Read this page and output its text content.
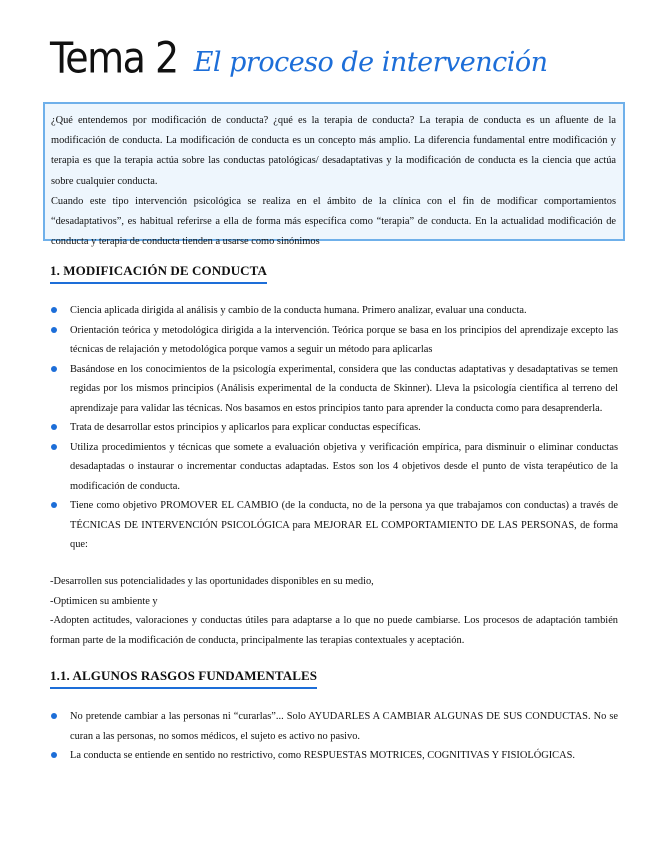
Tema 2 El proceso de intervención

¿Qué entendemos por modificación de conducta? ¿qué es la terapia de conducta? La terapia de conducta es un afluente de la modificación de conducta. La modificación de conducta es un concepto más amplio. La diferencia fundamental entre modificación y terapia es que la terapia actúa sobre las conductas patológicas/ desadaptativas y la modificación de conducta es la ciencia que actúa sobre cualquier conducta.

Cuando este tipo intervención psicológica se realiza en el ámbito de la clínica con el fin de modificar comportamientos “desadaptativos”, es habitual referirse a ella de forma más específica como “terapia” de conducta. En la actualidad modificación de conducta y terapia de conducta tienden a usarse como sinónimos

1. MODIFICACIÓN DE CONDUCTA
Ciencia aplicada dirigida al análisis y cambio de la conducta humana. Primero analizar, evaluar una conducta.
Orientación teórica y metodológica dirigida a la intervención. Teórica porque se basa en los principios del aprendizaje excepto las técnicas de relajación y metodológica porque vamos a seguir un método para aplicarlas
Basándose en los conocimientos de la psicología experimental, considera que las conductas adaptativas y desadaptativas se temen regidas por los mismos principios (Análisis experimental de la conducta de Skinner). Lleva la psicología científica al terreno del aprendizaje para validar las técnicas. Nos basamos en estos principios tanto para aprender la conducta como para desaprenderla.
Trata de desarrollar estos principios y aplicarlos para explicar conductas específicas.
Utiliza procedimientos y técnicas que somete a evaluación objetiva y verificación empírica, para disminuir o eliminar conductas desadaptadas o instaurar o incrementar conductas adaptadas. Estos son los 4 objetivos desde el punto de vista terapéutico de la modificación de conducta.
Tiene como objetivo PROMOVER EL CAMBIO (de la conducta, no de la persona ya que trabajamos con conductas) a través de TÉCNICAS DE INTERVENCIÓN PSICOLÓGICA para MEJORAR EL COMPORTAMIENTO DE LAS PERSONAS, de forma que:

-Desarrollen sus potencialidades y las oportunidades disponibles en su medio,

-Optimicen su ambiente y

-Adopten actitudes, valoraciones y conductas útiles para adaptarse a lo que no puede cambiarse. Los procesos de adaptación también forman parte de la modificación de conducta, principalmente las terapias contextuales y aceptación.

1.1. ALGUNOS RASGOS FUNDAMENTALES
No pretende cambiar a las personas ni “curarlas”... Solo AYUDARLES A CAMBIAR ALGUNAS DE SUS CONDUCTAS. No se curan a las personas, no somos médicos, el sujeto es activo no pasivo.
La conducta se entiende en sentido no restrictivo, como RESPUESTAS MOTRICES, COGNITIVAS Y FISIOLÓGICAS.
